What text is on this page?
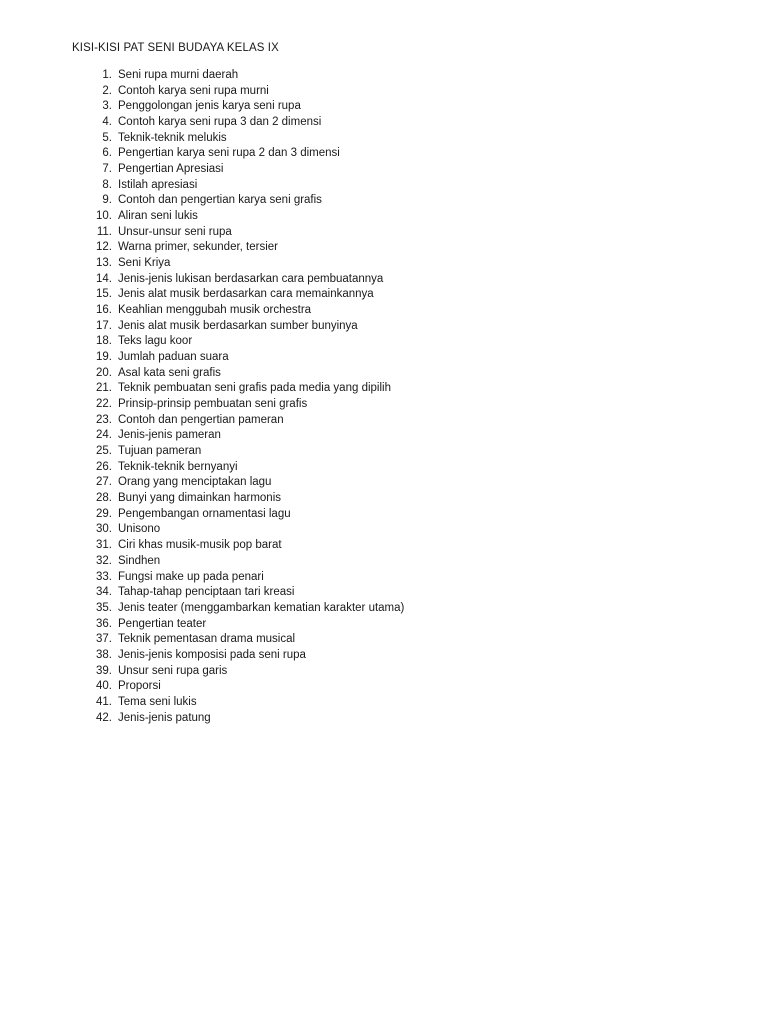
KISI-KISI PAT SENI BUDAYA KELAS IX
1. Seni rupa murni daerah
2. Contoh karya seni rupa murni
3. Penggolongan jenis karya seni rupa
4. Contoh karya seni rupa 3 dan 2 dimensi
5. Teknik-teknik melukis
6. Pengertian karya seni rupa 2 dan 3 dimensi
7. Pengertian Apresiasi
8. Istilah apresiasi
9. Contoh dan pengertian karya seni grafis
10. Aliran seni lukis
11. Unsur-unsur seni rupa
12. Warna primer, sekunder, tersier
13. Seni Kriya
14. Jenis-jenis lukisan berdasarkan cara pembuatannya
15. Jenis alat musik berdasarkan cara memainkannya
16. Keahlian menggubah musik orchestra
17. Jenis alat musik berdasarkan sumber bunyinya
18. Teks lagu koor
19. Jumlah paduan suara
20. Asal kata seni grafis
21. Teknik pembuatan seni grafis pada media yang dipilih
22. Prinsip-prinsip pembuatan seni grafis
23. Contoh dan pengertian pameran
24. Jenis-jenis pameran
25. Tujuan pameran
26. Teknik-teknik bernyanyi
27. Orang yang menciptakan lagu
28. Bunyi yang dimainkan harmonis
29. Pengembangan ornamentasi lagu
30. Unisono
31. Ciri khas musik-musik pop barat
32. Sindhen
33. Fungsi make up pada penari
34. Tahap-tahap penciptaan tari kreasi
35. Jenis teater (menggambarkan kematian karakter utama)
36. Pengertian teater
37. Teknik pementasan drama musical
38. Jenis-jenis komposisi pada seni rupa
39. Unsur seni rupa garis
40. Proporsi
41. Tema seni lukis
42. Jenis-jenis patung
